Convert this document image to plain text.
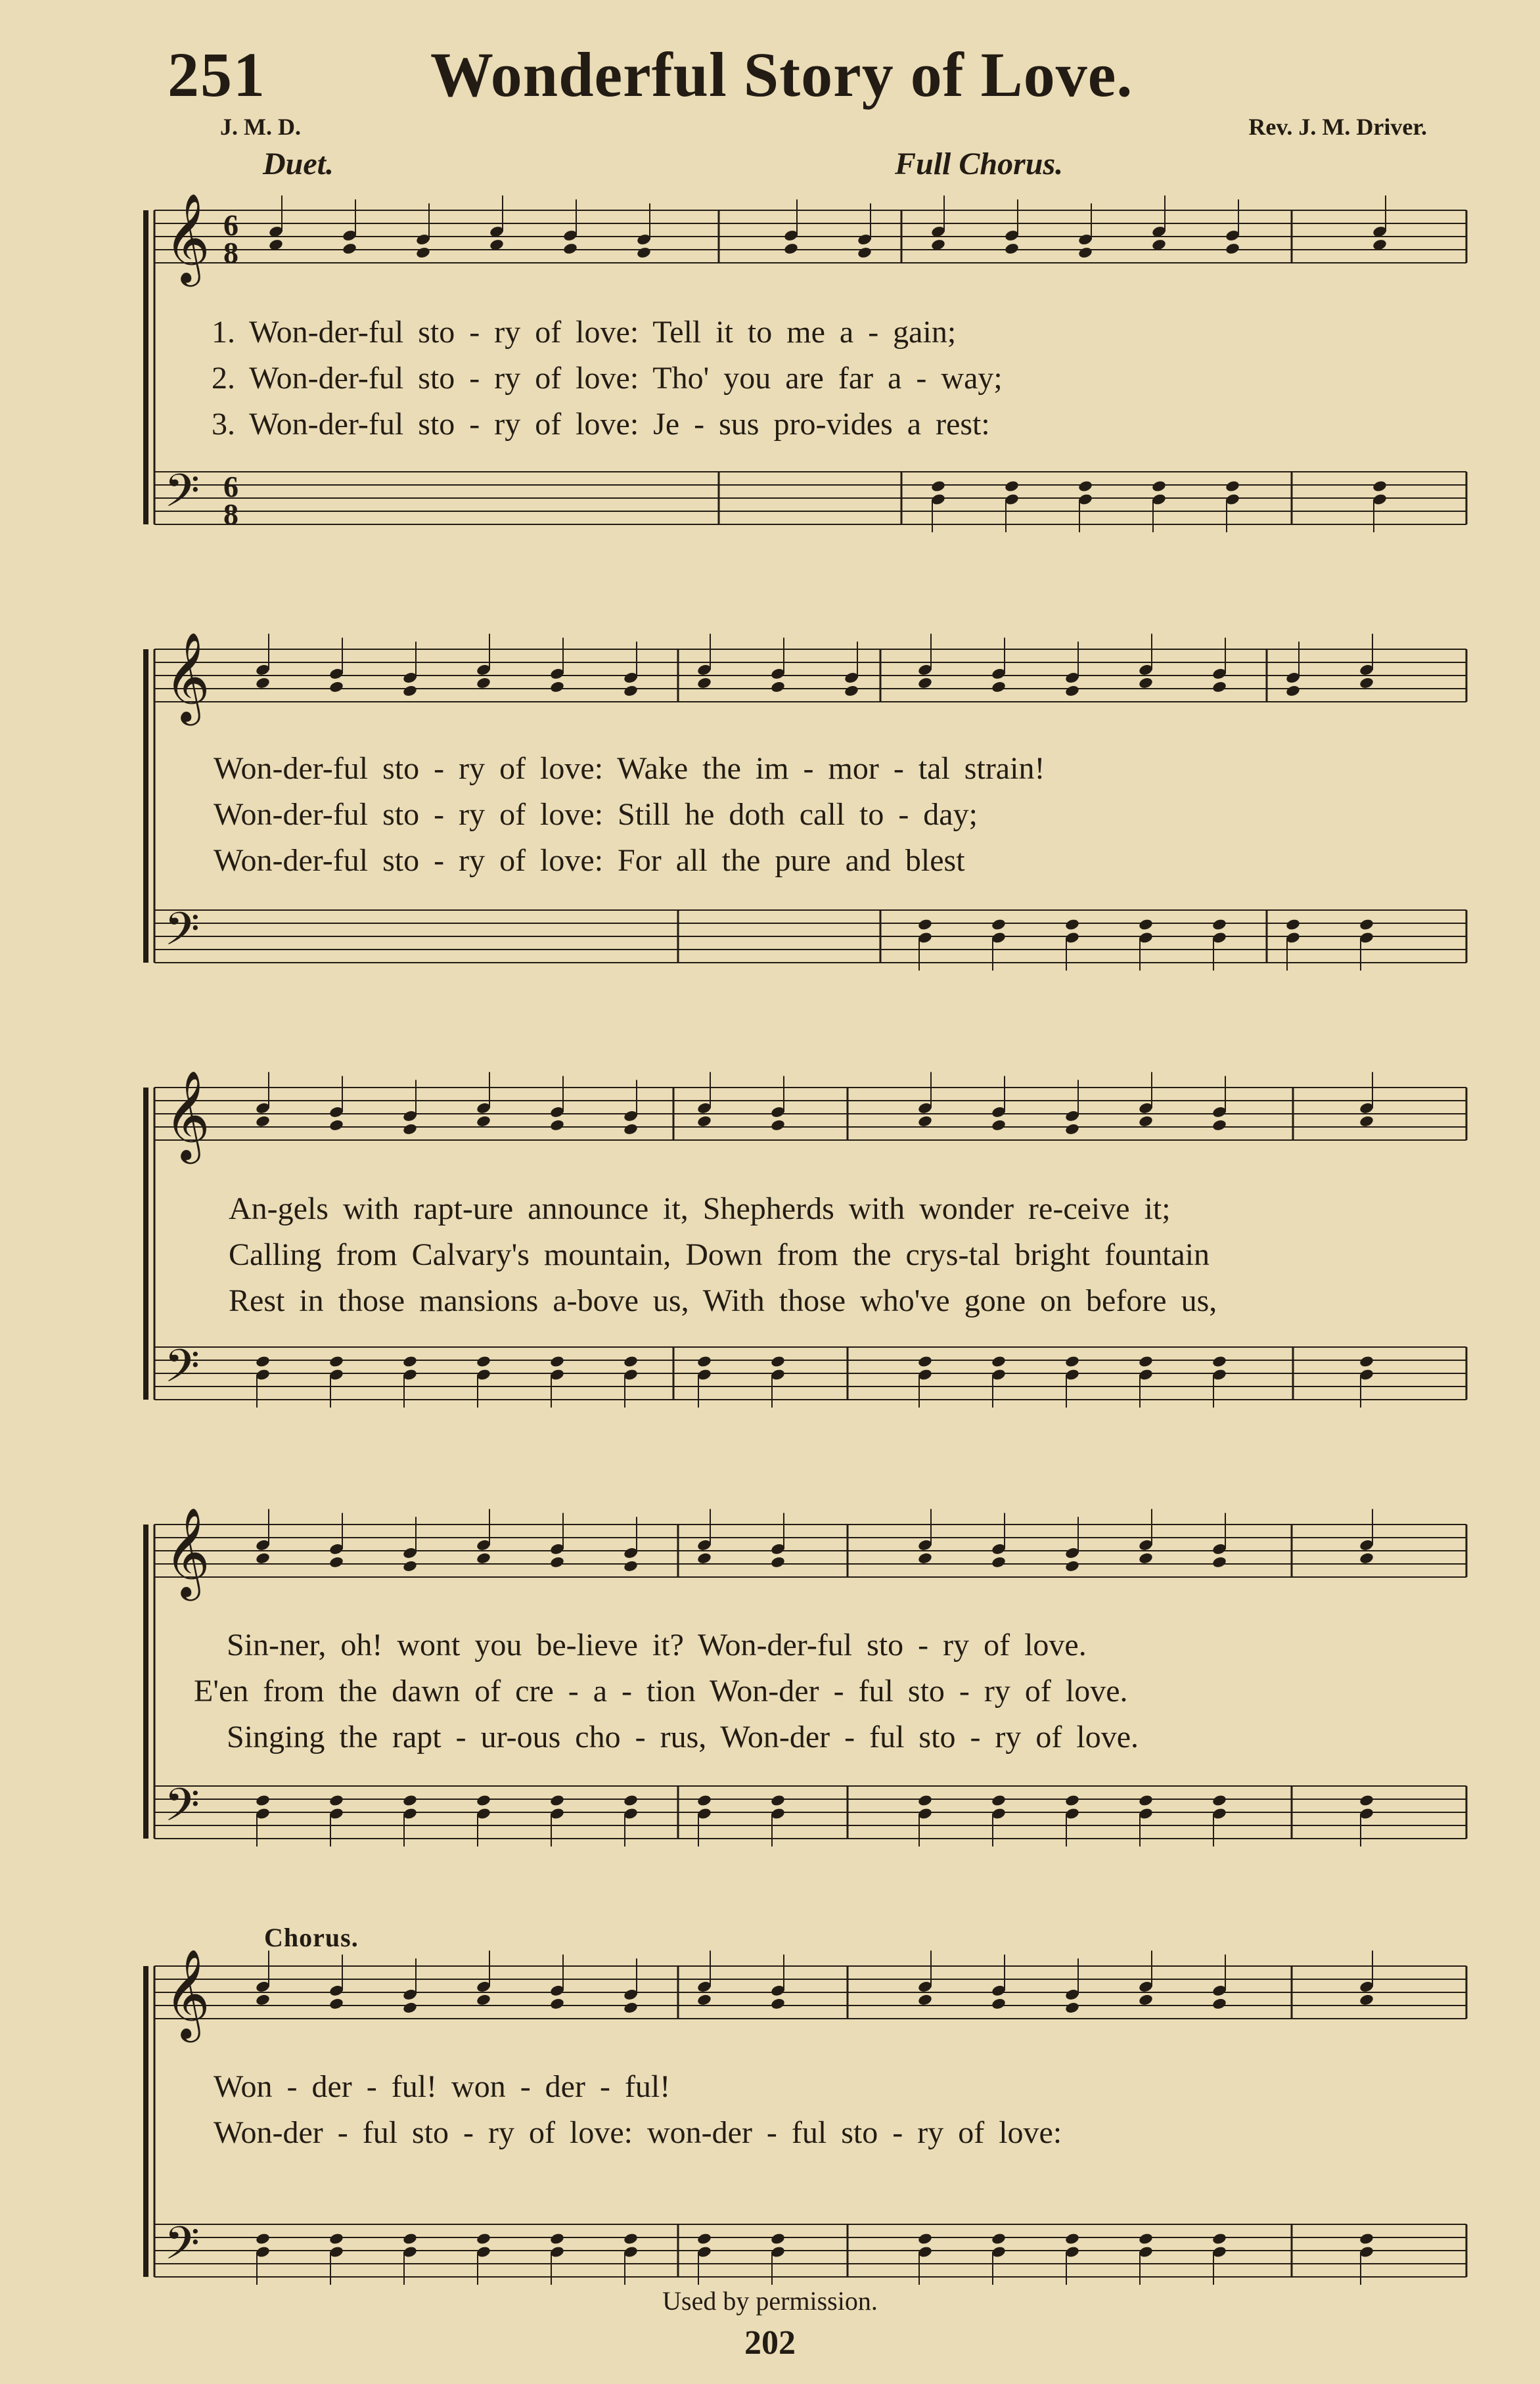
251	Wonderful Story of Love.
J. M. D.	Rev. J. M. Driver.
Duet.	Full Chorus.
𝄞
𝄢
6
8
6
8
𝄞
𝄢
𝄞
𝄢
𝄞
𝄢
𝄞
𝄢
1. Won-der-ful sto - ry of love: Tell it to me a - gain;
2. Won-der-ful sto - ry of love: Tho' you are far a - way;
3. Won-der-ful sto - ry of love: Je - sus pro-vides a rest:
Won-der-ful sto - ry of love: Wake the im - mor - tal strain!
Won-der-ful sto - ry of love: Still he doth call to - day;
Won-der-ful sto - ry of love: For all the pure and blest
An-gels with rapt-ure announce it, Shepherds with wonder re-ceive it;
Calling from Calvary's mountain, Down from the crys-tal bright fountain
Rest in those mansions a-bove us, With those who've gone on before us,
Sin-ner, oh! wont you be-lieve it? Won-der-ful sto - ry of love.
E'en from the dawn of cre - a - tion Won-der - ful sto - ry of love.
Singing the rapt - ur-ous cho - rus, Won-der - ful sto - ry of love.
Chorus.
Won - der - ful! won - der - ful!
Won-der - ful sto - ry of love: won-der - ful sto - ry of love:
Used by permission.
202
